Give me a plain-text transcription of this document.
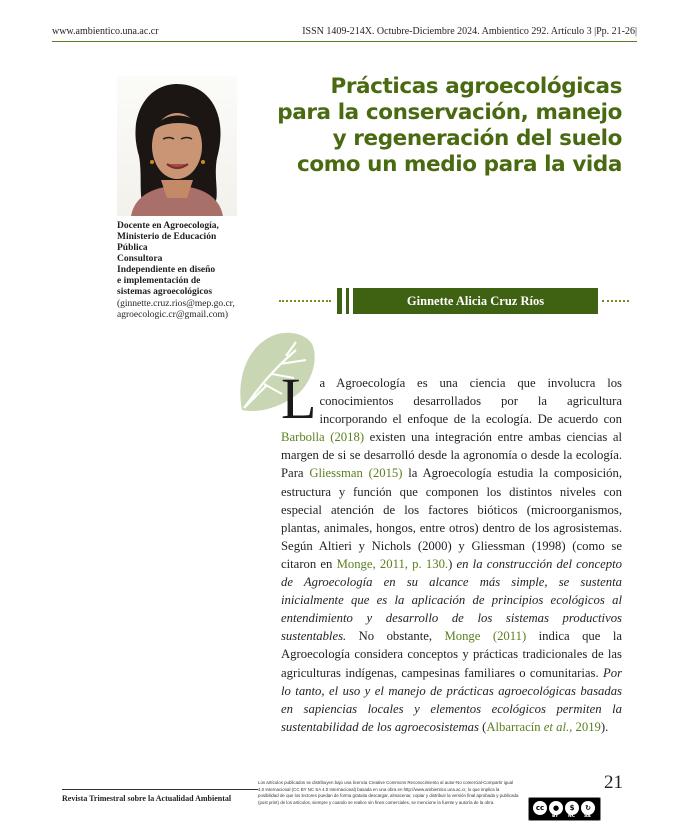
www.ambientico.una.ac.cr	ISSN 1409-214X. Octubre-Diciembre 2024. Ambientico 292. Artículo 3 |Pp. 21-26|
Docente en Agroecología,
Ministerio de Educación
Pública
Consultora
Independiente en diseño
e implementación de
sistemas agroecológicos
(ginnette.cruz.rios@mep.go.cr,
agroecologic.cr@gmail.com)
Prácticas agroecológicas
para la conservación, manejo
y regeneración del suelo
como un medio para la vida
Ginnette Alicia Cruz Ríos
La Agroecología es una ciencia que involucra los conocimientos desarrollados por la agricultura incorporando el enfoque de la ecología. De acuerdo con Barbolla (2018) existen una integración entre ambas ciencias al margen de si se desarrolló desde la agronomía o desde la ecología. Para Gliessman (2015) la Agroecología estudia la composición, estructura y función que componen los distintos niveles con especial atención de los factores bióticos (microorganismos, plantas, animales, hongos, entre otros) dentro de los agrosistemas. Según Altieri y Nichols (2000) y Gliessman (1998) (como se citaron en Monge, 2011, p. 130.) en la construcción del concepto de Agroecología en su alcance más simple, se sustenta inicialmente que es la aplicación de principios ecológicos al entendimiento y desarrollo de los sistemas productivos sustentables. No obstante, Monge (2011) indica que la Agroecología considera conceptos y prácticas tradicionales de las agriculturas indígenas, campesinas familiares o comunitarias. Por lo tanto, el uso y el manejo de prácticas agroecológicas basadas en sapiencias locales y elementos ecológicos permiten la sustentabilidad de los agroecosistemas (Albarracín et al., 2019).
Revista Trimestral sobre la Actualidad Ambiental
21
Los artículos publicados se distribuyen bajo una licencia Creative Commons Reconocimiento al autor-No comercial-Compartir igual 4.0 Internacional (CC BY NC SA 4.0 Internacional) basada en una obra en http://www.ambientico.una.ac.cr, lo que implica la posibilidad de que los lectores puedan de forma gratuita descargar, almacenar, copiar y distribuir la versión final aprobada y publicada (post print) de los artículos, siempre y cuando se realice sin fines comerciales, se mencione la fuente y autoría de la obra.
cc	●	$	↻
BY NC SA
